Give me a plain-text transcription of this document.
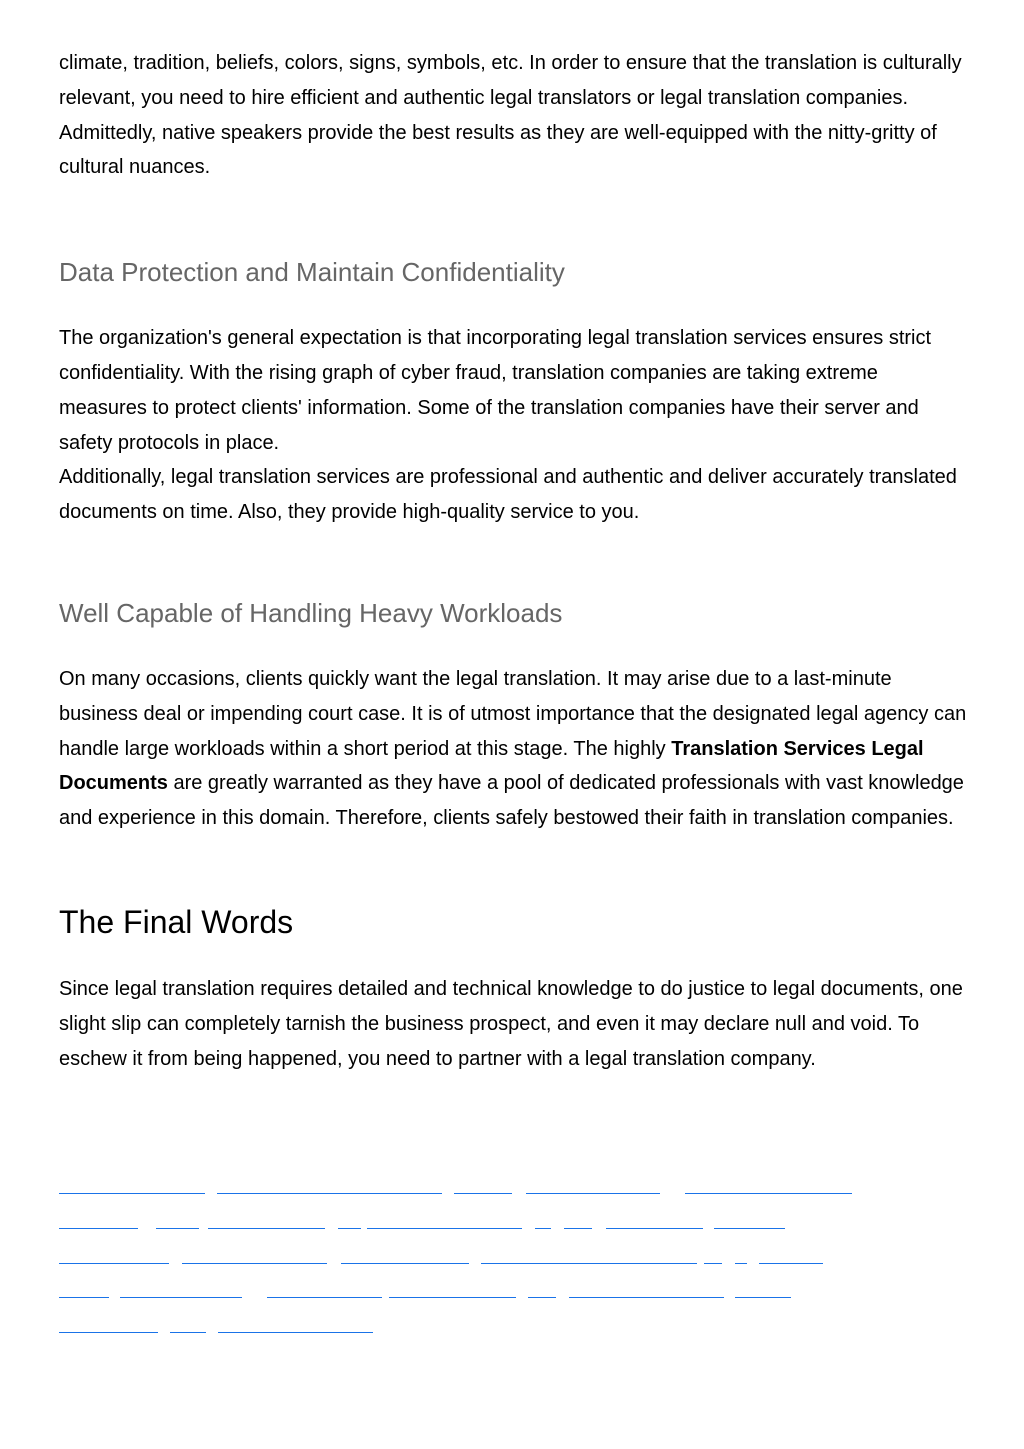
climate, tradition, beliefs, colors, signs, symbols, etc. In order to ensure that the translation is culturally relevant, you need to hire efficient and authentic legal translators or legal translation companies. Admittedly, native speakers provide the best results as they are well-equipped with the nitty-gritty of cultural nuances.

Data Protection and Maintain Confidentiality

The organization's general expectation is that incorporating legal translation services ensures strict confidentiality. With the rising graph of cyber fraud, translation companies are taking extreme measures to protect clients' information. Some of the translation companies have their server and safety protocols in place.

Additionally, legal translation services are professional and authentic and deliver accurately translated documents on time. Also, they provide high-quality service to you.

Well Capable of Handling Heavy Workloads

On many occasions, clients quickly want the legal translation. It may arise due to a last-minute business deal or impending court case. It is of utmost importance that the designated legal agency can handle large workloads within a short period at this stage. The highly Translation Services Legal Documents are greatly warranted as they have a pool of dedicated professionals with vast knowledge and experience in this domain. Therefore, clients safely bestowed their faith in translation companies.

The Final Words

Since legal translation requires detailed and technical knowledge to do justice to legal documents, one slight slip can completely tarnish the business prospect, and even it may declare null and void. To eschew it from being happened, you need to partner with a legal translation company.
